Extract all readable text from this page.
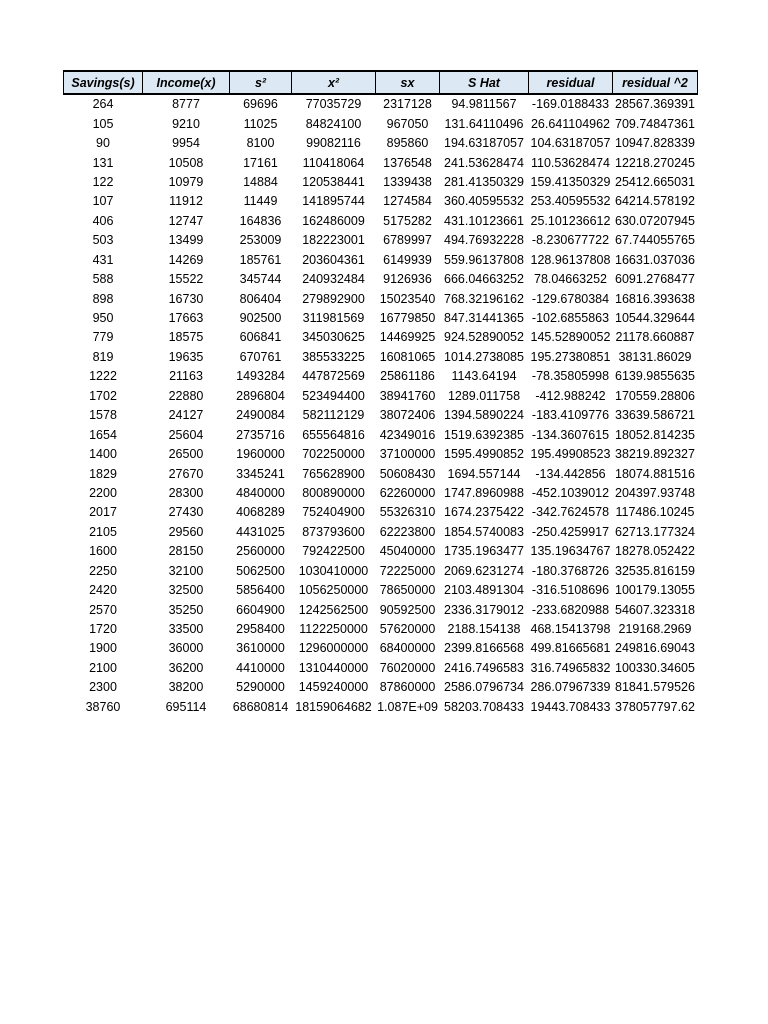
Savings(s)	Income(x)	s²	x²	sx	S Hat	residual	residual ^2
264	8777	69696	77035729	2317128	94.9811567	-169.0188433	28567.369391
105	9210	11025	84824100	967050	131.64110496	26.641104962	709.74847361
90	9954	8100	99082116	895860	194.63187057	104.63187057	10947.828339
131	10508	17161	110418064	1376548	241.53628474	110.53628474	12218.270245
122	10979	14884	120538441	1339438	281.41350329	159.41350329	25412.665031
107	11912	11449	141895744	1274584	360.40595532	253.40595532	64214.578192
406	12747	164836	162486009	5175282	431.10123661	25.101236612	630.07207945
503	13499	253009	182223001	6789997	494.76932228	-8.230677722	67.744055765
431	14269	185761	203604361	6149939	559.96137808	128.96137808	16631.037036
588	15522	345744	240932484	9126936	666.04663252	78.04663252	6091.2768477
898	16730	806404	279892900	15023540	768.32196162	-129.6780384	16816.393638
950	17663	902500	311981569	16779850	847.31441365	-102.6855863	10544.329644
779	18575	606841	345030625	14469925	924.52890052	145.52890052	21178.660887
819	19635	670761	385533225	16081065	1014.2738085	195.27380851	38131.86029
1222	21163	1493284	447872569	25861186	1143.64194	-78.35805998	6139.9855635
1702	22880	2896804	523494400	38941760	1289.011758	-412.988242	170559.28806
1578	24127	2490084	582112129	38072406	1394.5890224	-183.4109776	33639.586721
1654	25604	2735716	655564816	42349016	1519.6392385	-134.3607615	18052.814235
1400	26500	1960000	702250000	37100000	1595.4990852	195.49908523	38219.892327
1829	27670	3345241	765628900	50608430	1694.557144	-134.442856	18074.881516
2200	28300	4840000	800890000	62260000	1747.8960988	-452.1039012	204397.93748
2017	27430	4068289	752404900	55326310	1674.2375422	-342.7624578	117486.10245
2105	29560	4431025	873793600	62223800	1854.5740083	-250.4259917	62713.177324
1600	28150	2560000	792422500	45040000	1735.1963477	135.19634767	18278.052422
2250	32100	5062500	1030410000	72225000	2069.6231274	-180.3768726	32535.816159
2420	32500	5856400	1056250000	78650000	2103.4891304	-316.5108696	100179.13055
2570	35250	6604900	1242562500	90592500	2336.3179012	-233.6820988	54607.323318
1720	33500	2958400	1122250000	57620000	2188.154138	468.15413798	219168.2969
1900	36000	3610000	1296000000	68400000	2399.8166568	499.81665681	249816.69043
2100	36200	4410000	1310440000	76020000	2416.7496583	316.74965832	100330.34605
2300	38200	5290000	1459240000	87860000	2586.0796734	286.07967339	81841.579526
38760	695114	68680814	18159064682	1.087E+09	58203.708433	19443.708433	378057797.62
